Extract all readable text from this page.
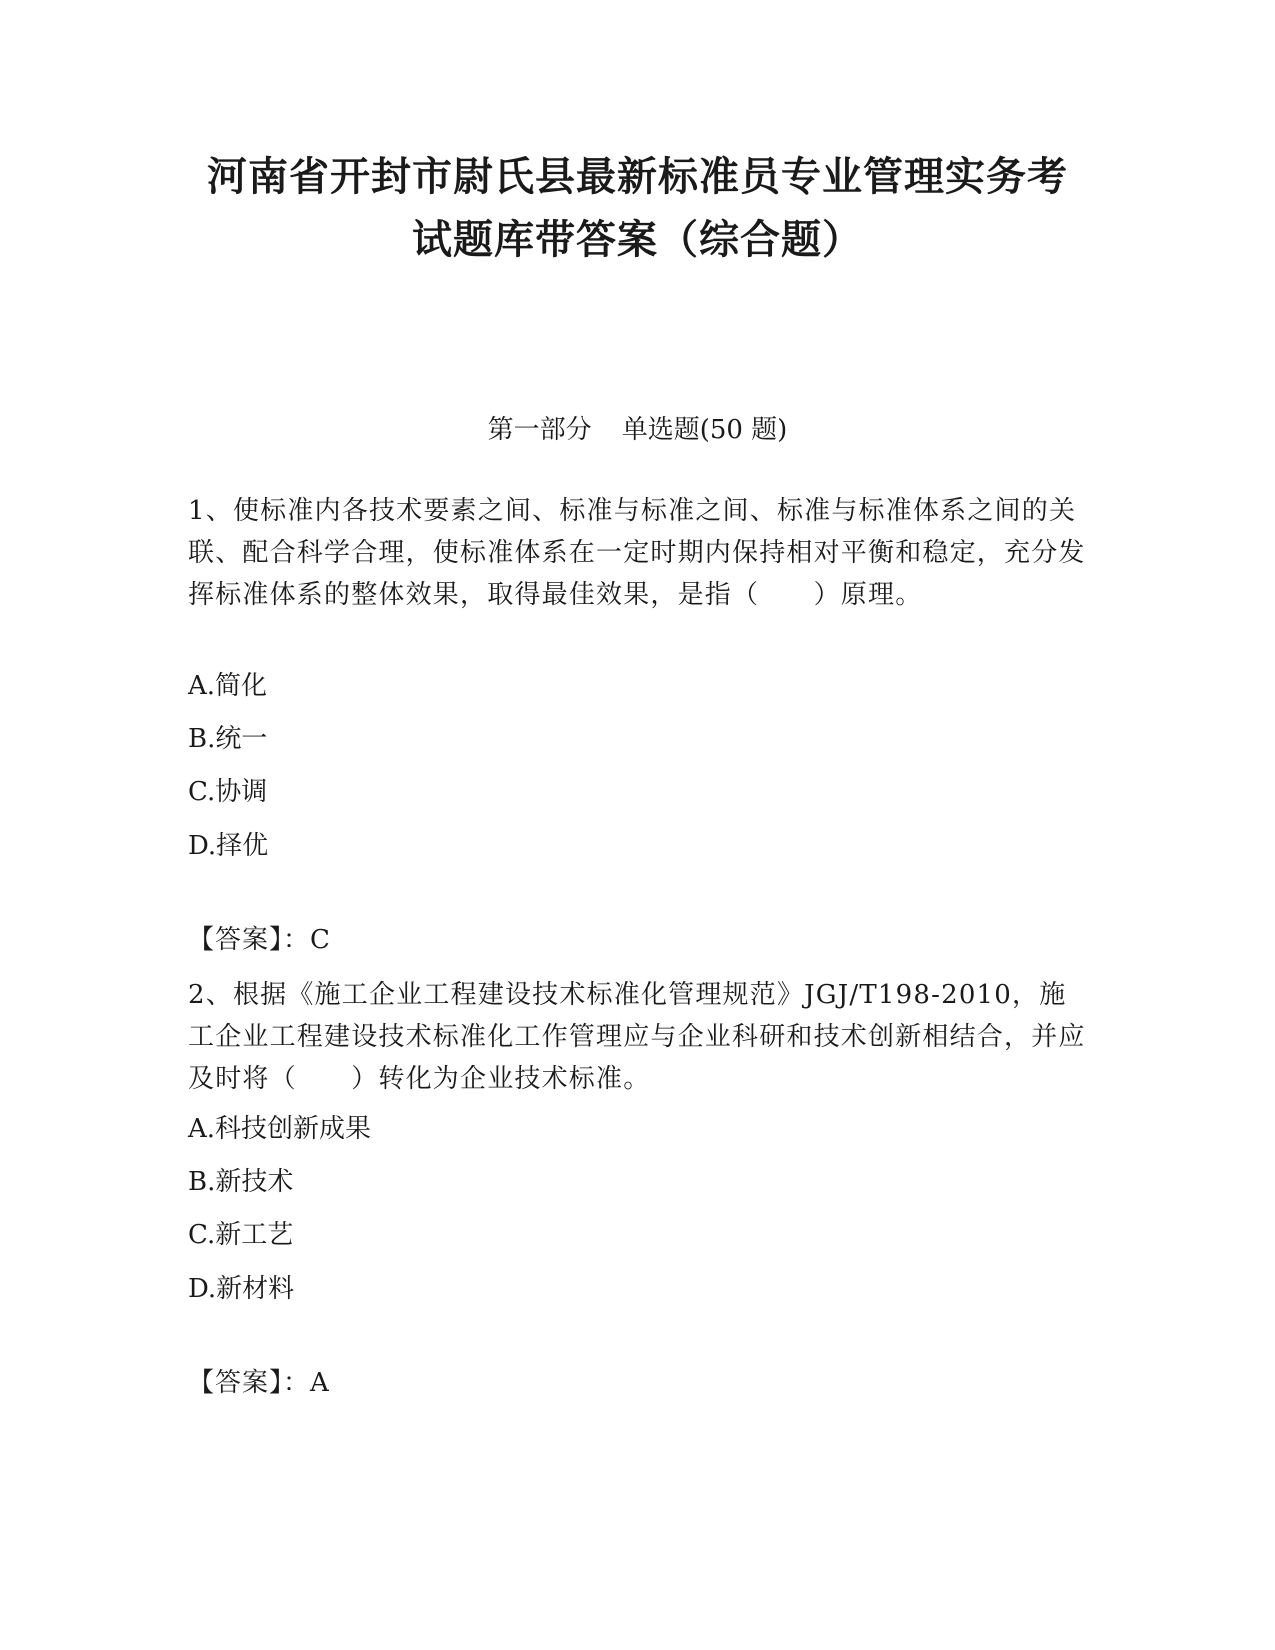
河南省开封市尉氏县最新标准员专业管理实务考
试题库带答案（综合题）
第一部分 单选题(50 题)

1、使标准内各技术要素之间、标准与标准之间、标准与标准体系之间的关联、配合科学合理，使标准体系在一定时期内保持相对平衡和稳定，充分发挥标准体系的整体效果，取得最佳效果，是指（　　）原理。

A.简化
B.统一
C.协调
D.择优
【答案】：C

2、根据《施工企业工程建设技术标准化管理规范》JGJ/T198-2010，施工企业工程建设技术标准化工作管理应与企业科研和技术创新相结合，并应及时将（　　）转化为企业技术标准。

A.科技创新成果
B.新技术
C.新工艺
D.新材料
【答案】：A
